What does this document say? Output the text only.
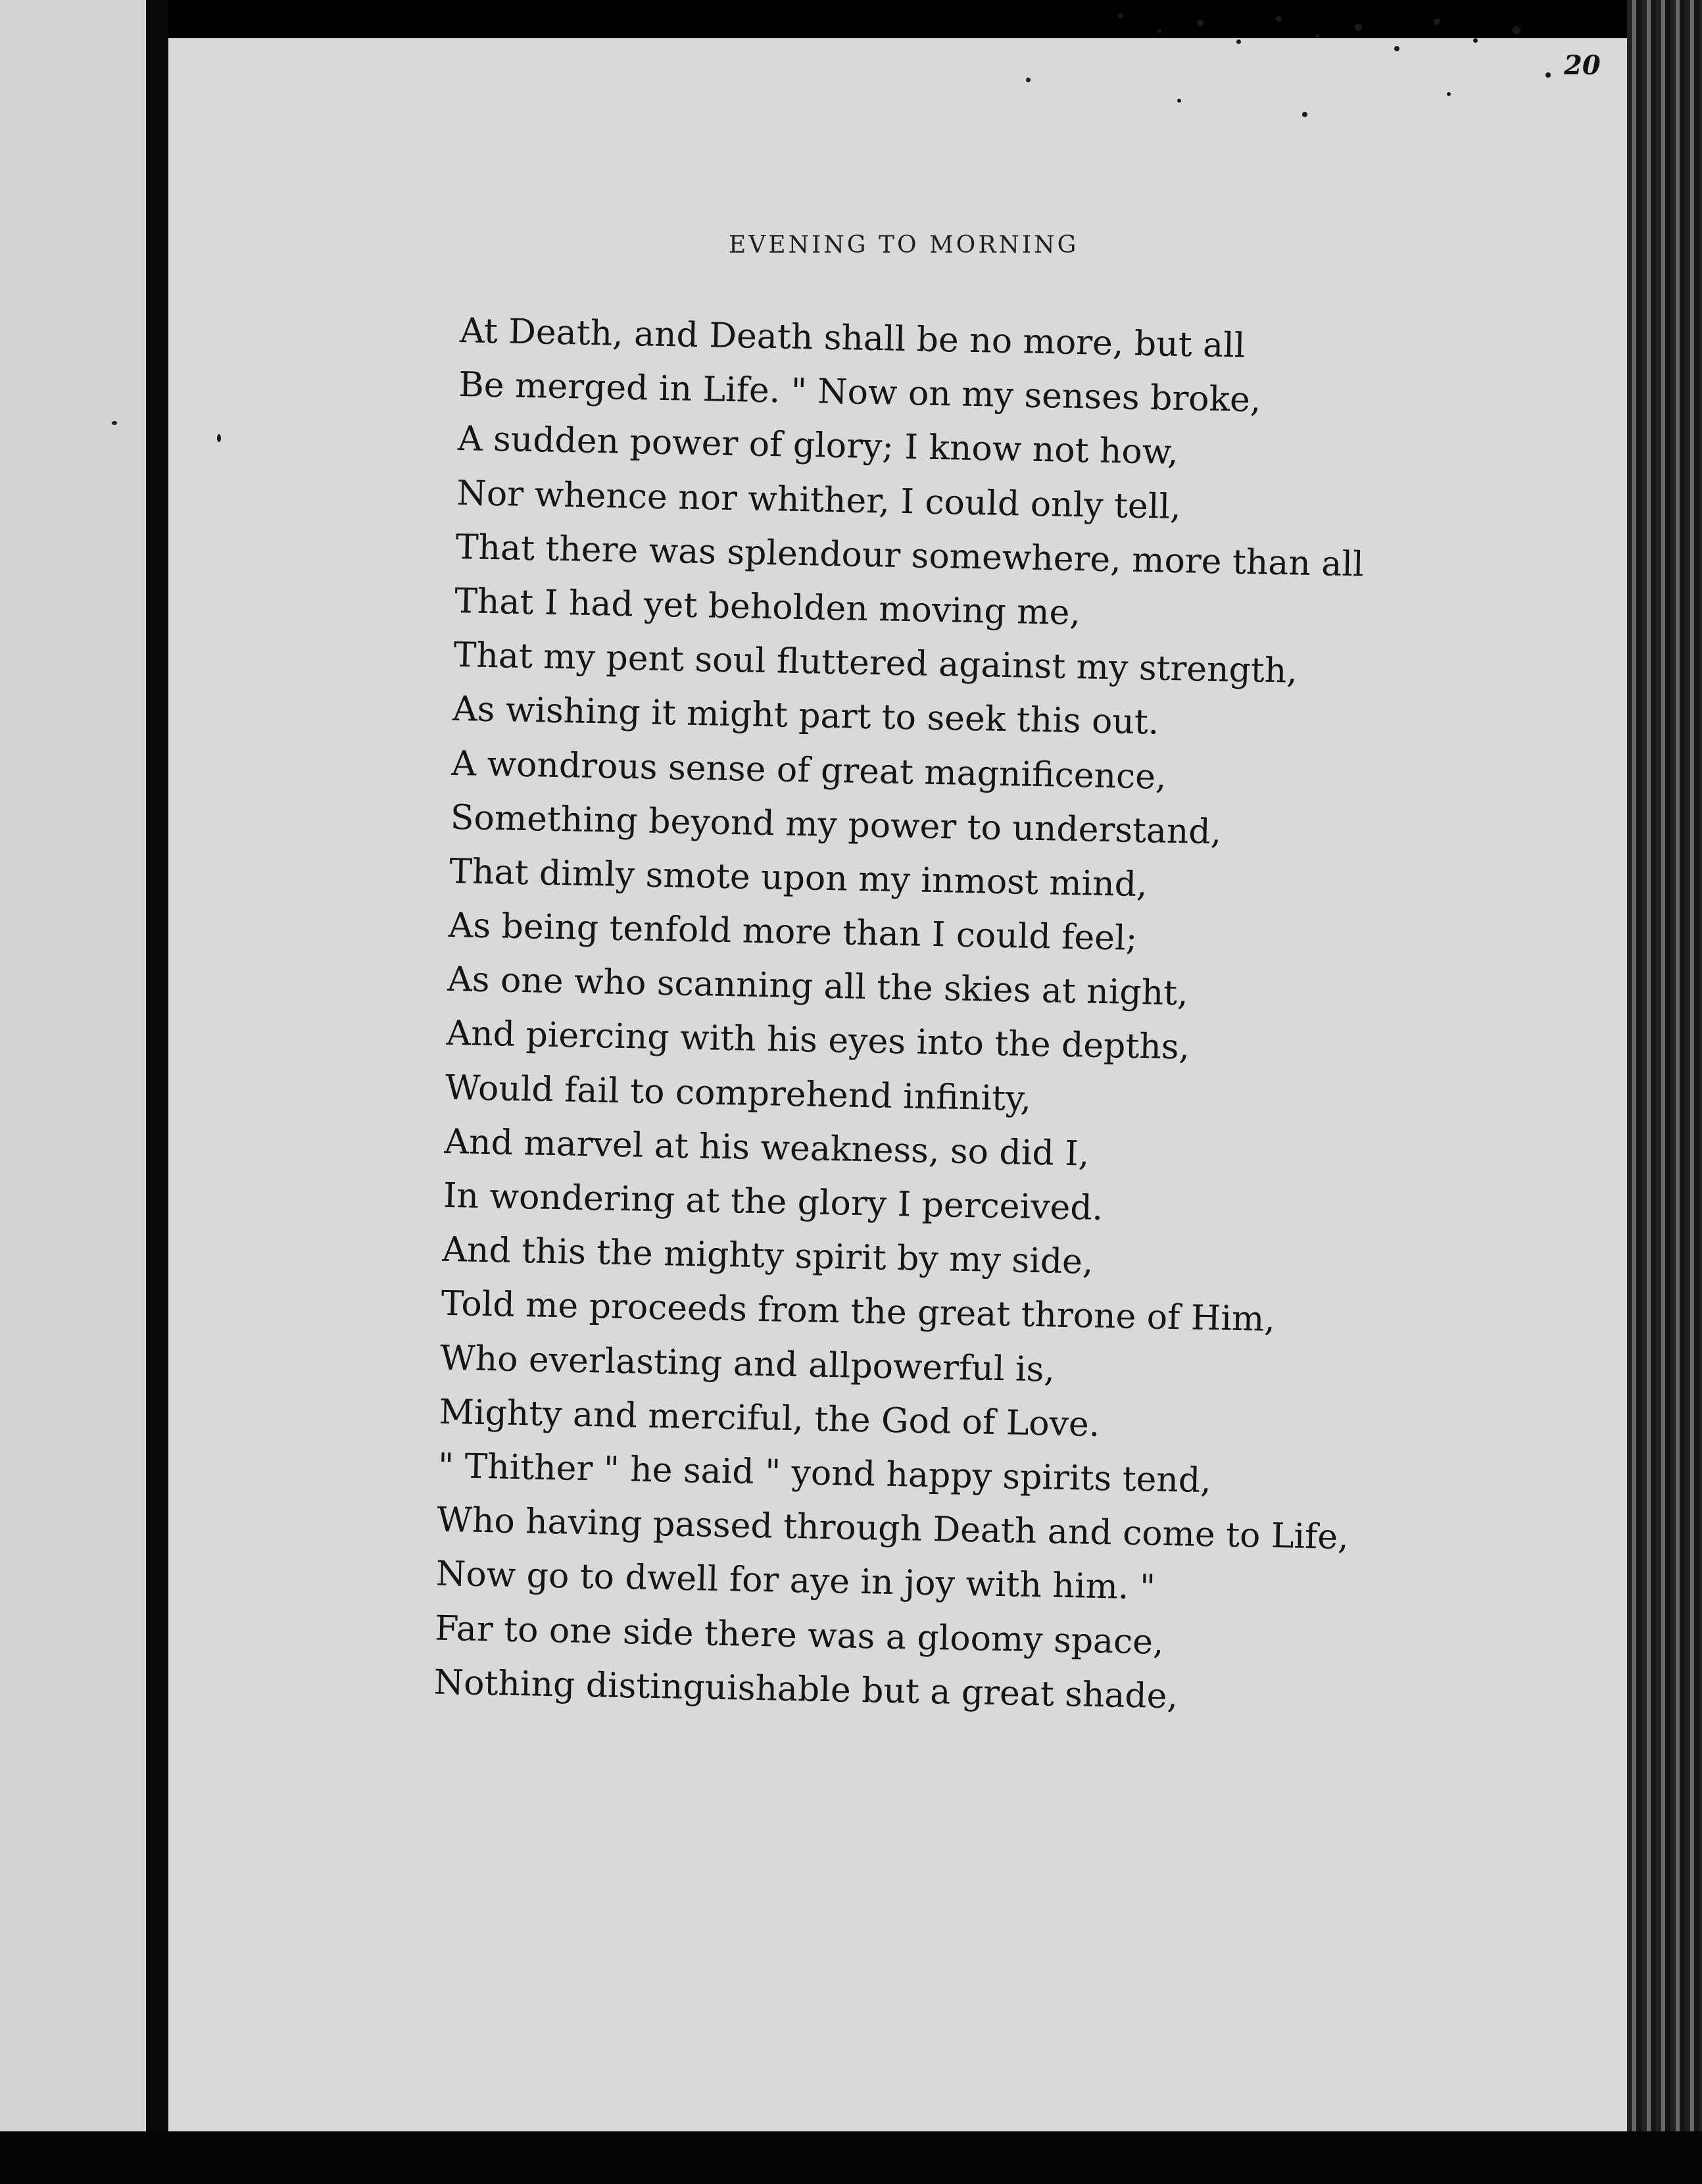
20
EVENING TO MORNING
At Death, and Death shall be no more, but all
Be merged in Life. " Now on my senses broke,
A sudden power of glory; I know not how,
Nor whence nor whither, I could only tell,
That there was splendour somewhere, more than all
That I had yet beholden moving me,
That my pent soul fluttered against my strength,
As wishing it might part to seek this out.
A wondrous sense of great magnificence,
Something beyond my power to understand,
That dimly smote upon my inmost mind,
As being tenfold more than I could feel;
As one who scanning all the skies at night,
And piercing with his eyes into the depths,
Would fail to comprehend infinity,
And marvel at his weakness, so did I,
In wondering at the glory I perceived.
And this the mighty spirit by my side,
Told me proceeds from the great throne of Him,
Who everlasting and allpowerful is,
Mighty and merciful, the God of Love.
" Thither " he said " yond happy spirits tend,
Who having passed through Death and come to Life,
Now go to dwell for aye in joy with him. "
Far to one side there was a gloomy space,
Nothing distinguishable but a great shade,
